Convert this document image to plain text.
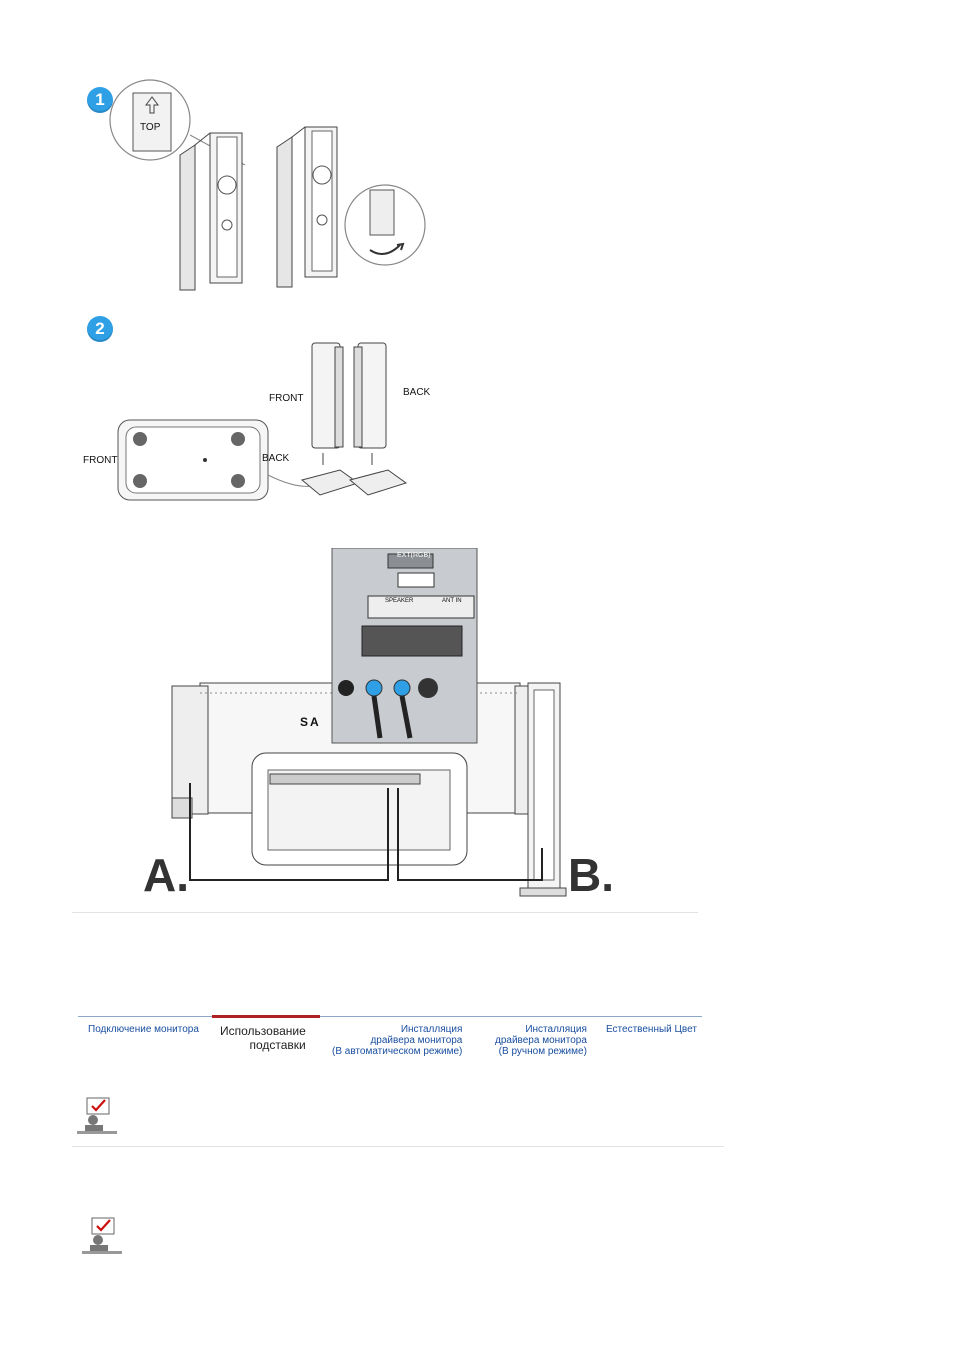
1
TOP
2
FRONT	BACK
FRONT
BACK
EXT(RGB)
SPEAKER	ANT IN
SA
A.	B.
Подключение монитора Использование
подставки
Инсталляция
драйвера монитора
(В автоматическом режиме)
Инсталляция
драйвера монитора
(В ручном режиме)
Естественный Цвет
